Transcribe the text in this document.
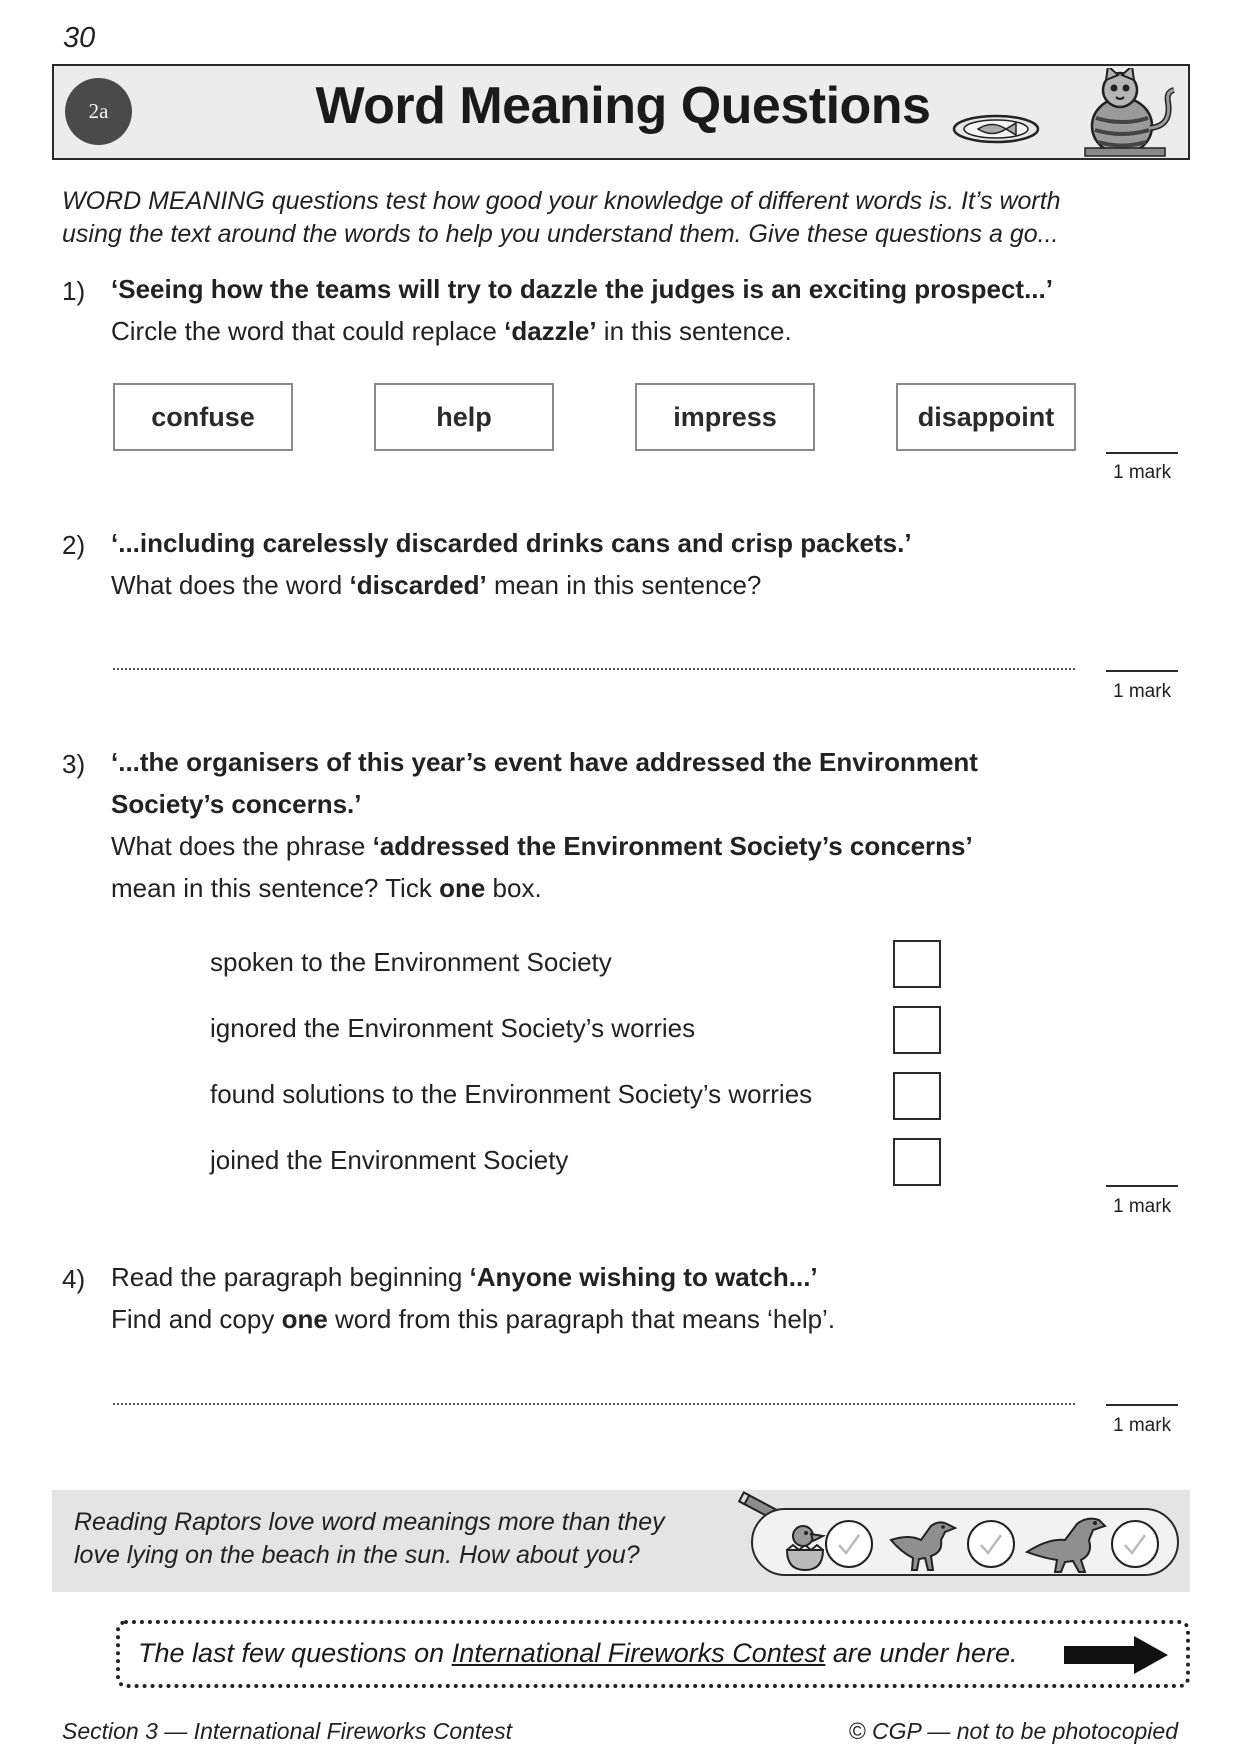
30
2a	Word Meaning Questions
WORD MEANING questions test how good your knowledge of different words is. It’s worth
using the text around the words to help you understand them. Give these questions a go...
1) ‘Seeing how the teams will try to dazzle the judges is an exciting prospect...’
Circle the word that could replace ‘dazzle’ in this sentence.
confuse	help	impress	disappoint
1 mark
2) ‘...including carelessly discarded drinks cans and crisp packets.’
What does the word ‘discarded’ mean in this sentence?
1 mark
3) ‘...the organisers of this year’s event have addressed the Environment
Society’s concerns.’
What does the phrase ‘addressed the Environment Society’s concerns’
mean in this sentence? Tick one box.
spoken to the Environment Society
ignored the Environment Society’s worries
found solutions to the Environment Society’s worries
joined the Environment Society
1 mark
4) Read the paragraph beginning ‘Anyone wishing to watch...’
Find and copy one word from this paragraph that means ‘help’.
1 mark
Reading Raptors love word meanings more than they
love lying on the beach in the sun. How about you?
The last few questions on International Fireworks Contest are under here.
Section 3 — International Fireworks Contest	© CGP — not to be photocopied
